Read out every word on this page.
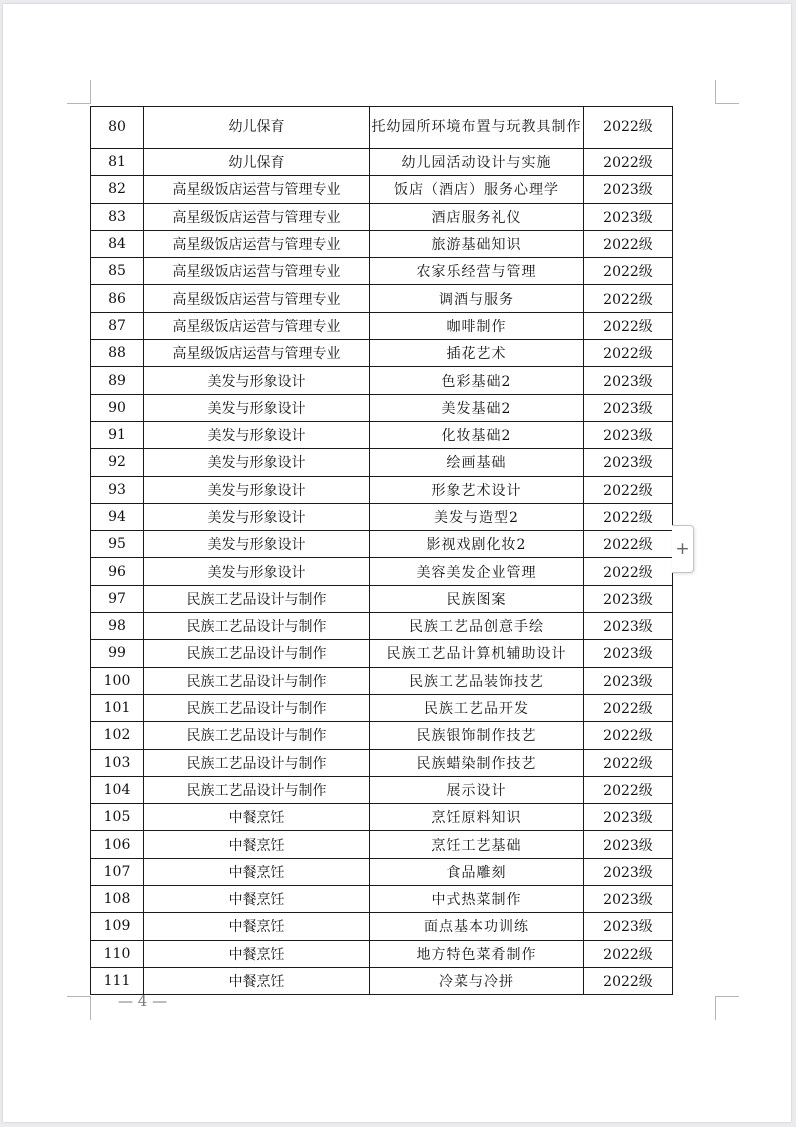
80	幼儿保育	托幼园所环境布置与玩教具制作	2022级
81	幼儿保育	幼儿园活动设计与实施	2022级
82	高星级饭店运营与管理专业	饭店（酒店）服务心理学	2023级
83	高星级饭店运营与管理专业	酒店服务礼仪	2023级
84	高星级饭店运营与管理专业	旅游基础知识	2022级
85	高星级饭店运营与管理专业	农家乐经营与管理	2022级
86	高星级饭店运营与管理专业	调酒与服务	2022级
87	高星级饭店运营与管理专业	咖啡制作	2022级
88	高星级饭店运营与管理专业	插花艺术	2022级
89	美发与形象设计	色彩基础2	2023级
90	美发与形象设计	美发基础2	2023级
91	美发与形象设计	化妆基础2	2023级
92	美发与形象设计	绘画基础	2023级
93	美发与形象设计	形象艺术设计	2022级
94	美发与形象设计	美发与造型2	2022级
95	美发与形象设计	影视戏剧化妆2	2022级
96	美发与形象设计	美容美发企业管理	2022级
97	民族工艺品设计与制作	民族图案	2023级
98	民族工艺品设计与制作	民族工艺品创意手绘	2023级
99	民族工艺品设计与制作	民族工艺品计算机辅助设计	2023级
100	民族工艺品设计与制作	民族工艺品装饰技艺	2023级
101	民族工艺品设计与制作	民族工艺品开发	2022级
102	民族工艺品设计与制作	民族银饰制作技艺	2022级
103	民族工艺品设计与制作	民族蜡染制作技艺	2022级
104	民族工艺品设计与制作	展示设计	2022级
105	中餐烹饪	烹饪原料知识	2023级
106	中餐烹饪	烹饪工艺基础	2023级
107	中餐烹饪	食品雕刻	2023级
108	中餐烹饪	中式热菜制作	2023级
109	中餐烹饪	面点基本功训练	2023级
110	中餐烹饪	地方特色菜肴制作	2022级
111	中餐烹饪	冷菜与冷拼	2022级
— 4 —
+
